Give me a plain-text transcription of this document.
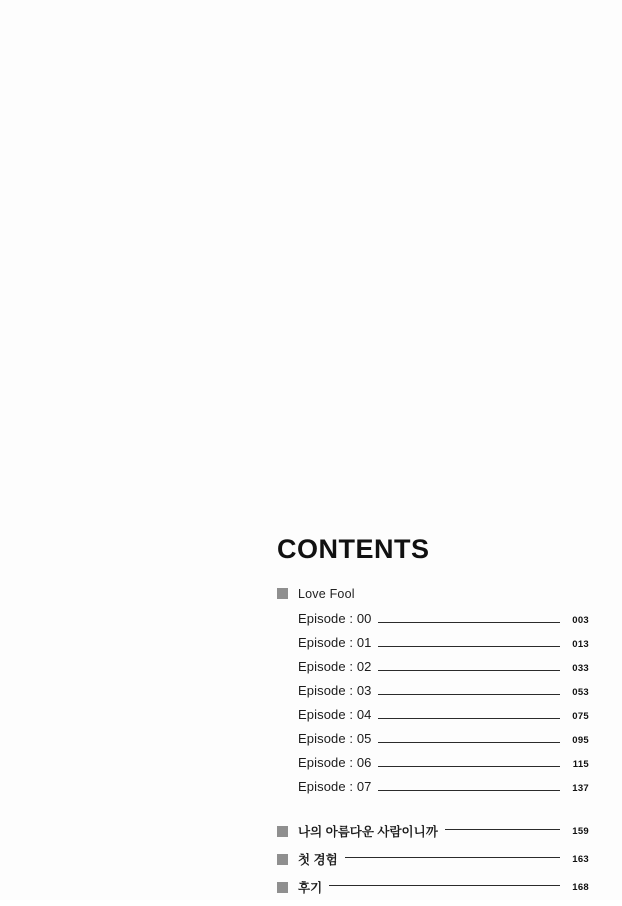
CONTENTS
Love Fool
Episode : 00	003
Episode : 01	013
Episode : 02	033
Episode : 03	053
Episode : 04	075
Episode : 05	095
Episode : 06	115
Episode : 07	137
나의 아름다운 사람이니까	159
첫 경험	163
후기	168
